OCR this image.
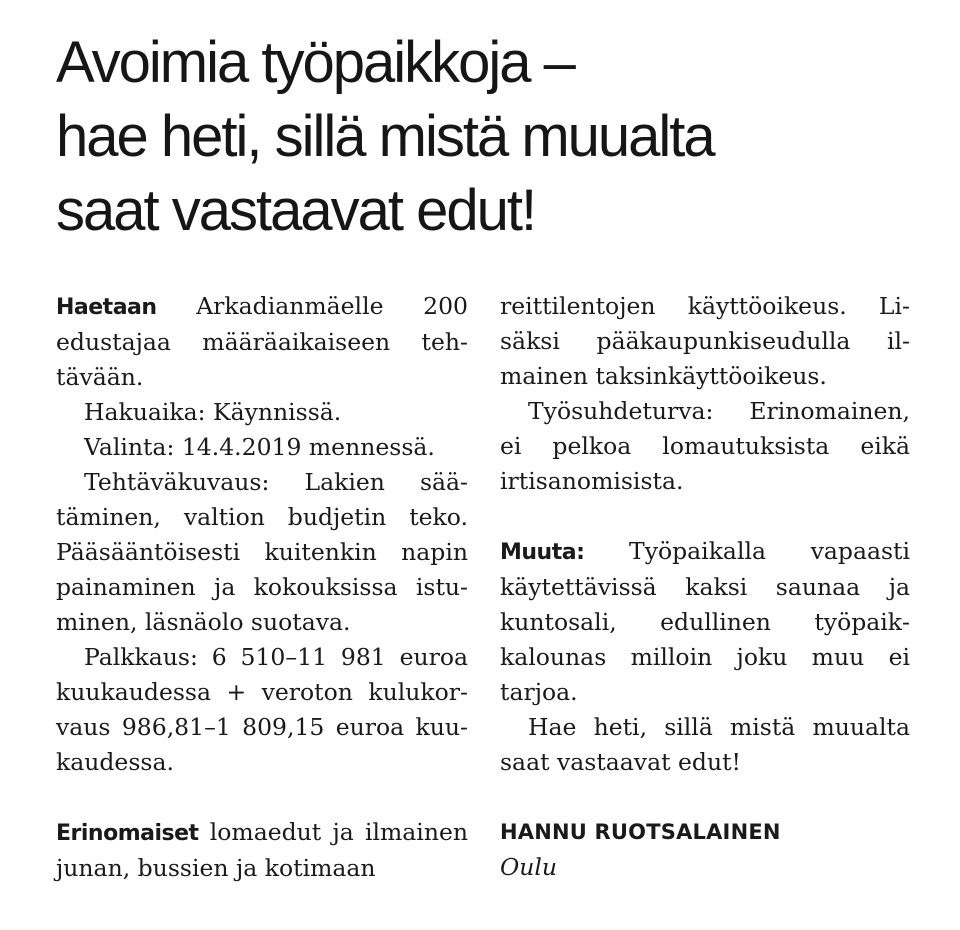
Avoimia työpaikkoja –
hae heti, sillä mistä muualta
saat vastaavat edut!

Haetaan Arkadianmäelle 200 edustajaa määräaikaiseen tehtävään.

Hakuaika: Käynnissä.

Valinta: 14.4.2019 mennessä.

Tehtäväkuvaus: Lakien säätäminen, valtion budjetin teko. Pääsääntöisesti kuitenkin napin painaminen ja kokouksissa istuminen, läsnäolo suotava.

Palkkaus: 6 510–11 981 euroa kuukaudessa + veroton kulukorvaus 986,81–1 809,15 euroa kuukaudessa.

Erinomaiset lomaedut ja ilmainen junan, bussien ja kotimaan

reittilentojen käyttöoikeus. Lisäksi pääkaupunkiseudulla ilmainen taksinkäyttöoikeus.

Työsuhdeturva: Erinomainen, ei pelkoa lomautuksista eikä irtisanomisista.

Muuta: Työpaikalla vapaasti käytettävissä kaksi saunaa ja kuntosali, edullinen työpaikkalounas milloin joku muu ei tarjoa.

Hae heti, sillä mistä muualta saat vastaavat edut!

HANNU RUOTSALAINEN

Oulu
